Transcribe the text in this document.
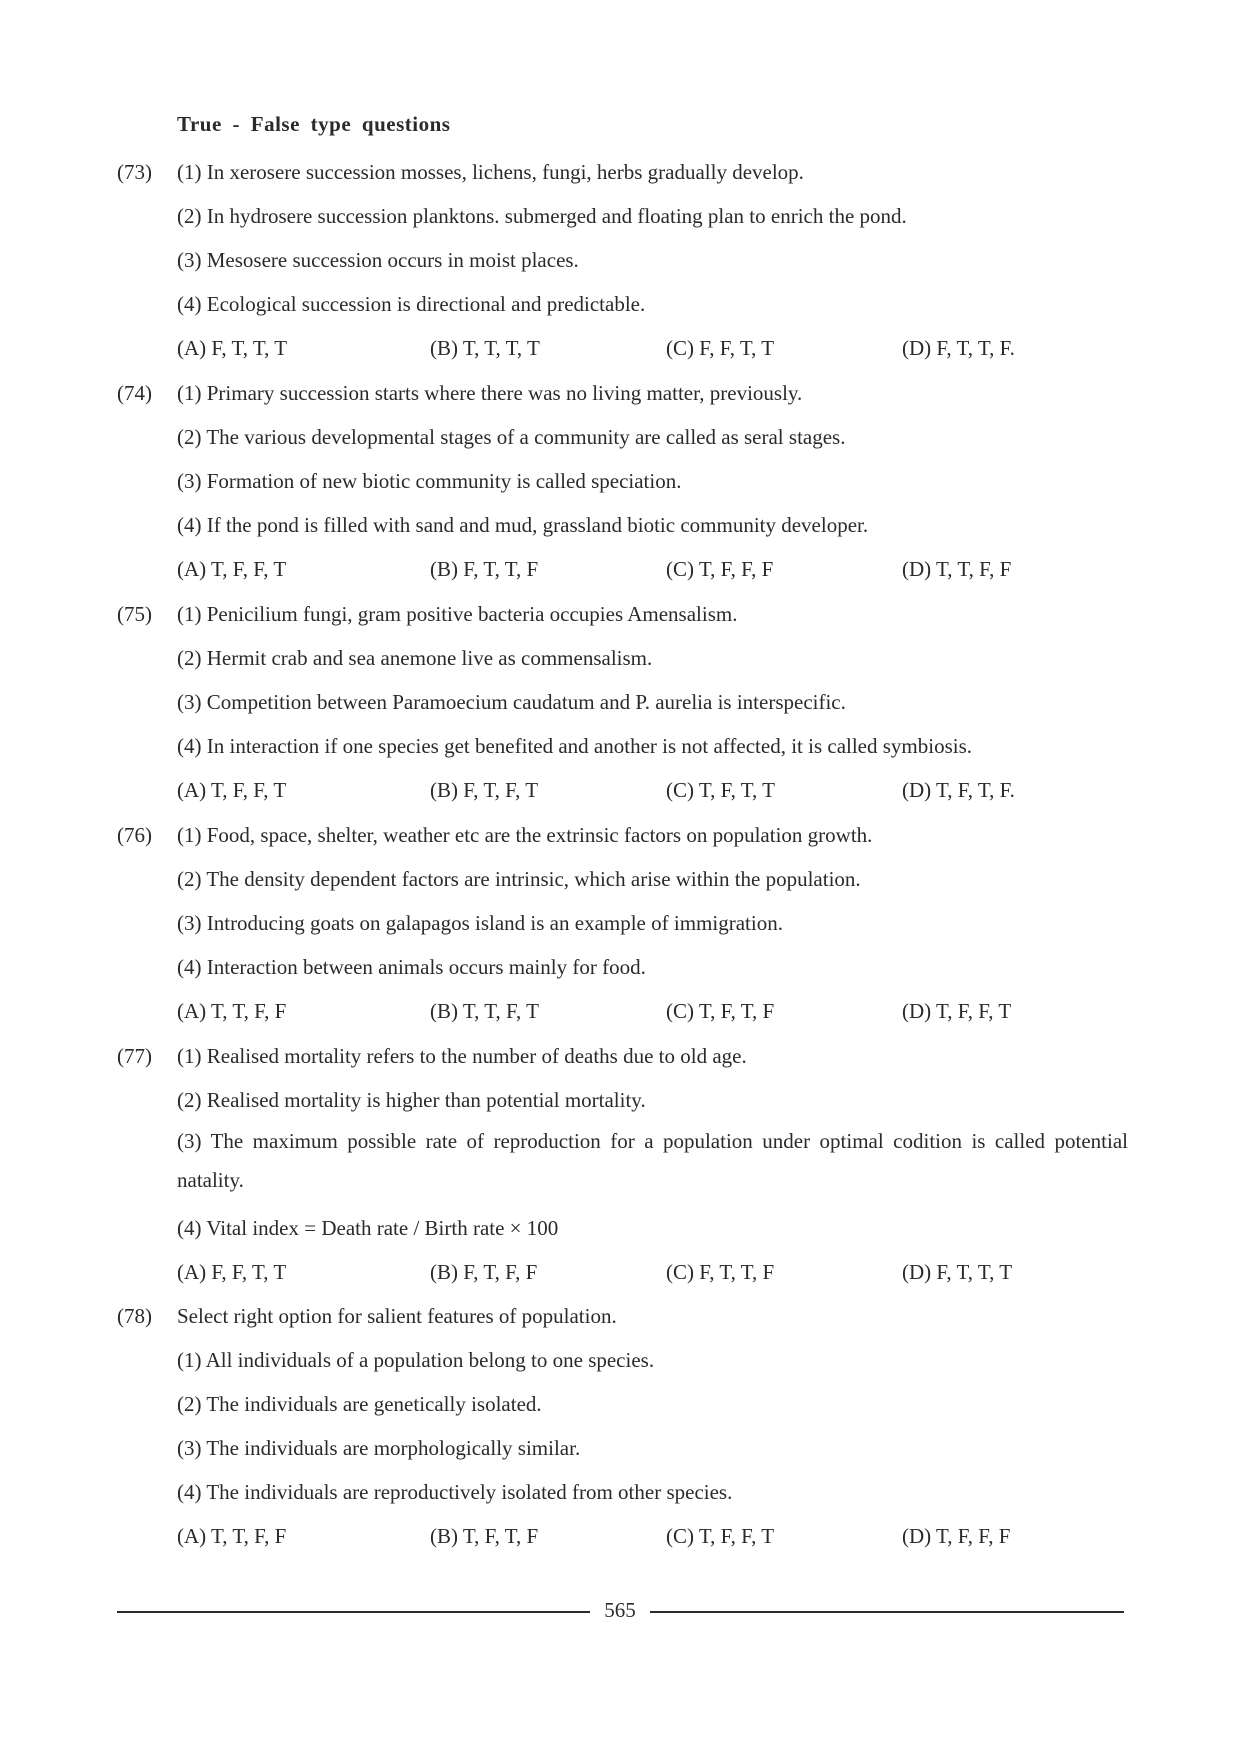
True - False type questions
(73) (1) In xerosere succession mosses, lichens, fungi, herbs gradually develop.
(2) In hydrosere succession planktons. submerged and floating plan to enrich the pond.
(3) Mesosere succession occurs in moist places.
(4) Ecological succession is directional and predictable.
(A) F, T, T, T	(B) T, T, T, T	(C) F, F, T, T	(D) F, T, T, F.
(74) (1) Primary succession starts where there was no living matter, previously.
(2) The various developmental stages of a community are called as seral stages.
(3) Formation of new biotic community is called speciation.
(4) If the pond is filled with sand and mud, grassland biotic community developer.
(A) T, F, F, T	(B) F, T, T, F	(C) T, F, F, F	(D) T, T, F, F
(75) (1) Penicilium fungi, gram positive bacteria occupies Amensalism.
(2) Hermit crab and sea anemone live as commensalism.
(3) Competition between Paramoecium caudatum and P. aurelia is interspecific.
(4) In interaction if one species get benefited and another is not affected, it is called symbiosis.
(A) T, F, F, T	(B) F, T, F, T	(C) T, F, T, T	(D) T, F, T, F.
(76) (1) Food, space, shelter, weather etc are the extrinsic factors on population growth.
(2) The density dependent factors are intrinsic, which arise within the population.
(3) Introducing goats on galapagos island is an example of immigration.
(4) Interaction between animals occurs mainly for food.
(A) T, T, F, F	(B) T, T, F, T	(C) T, F, T, F	(D) T, F, F, T
(77) (1) Realised mortality refers to the number of deaths due to old age.
(2) Realised mortality is higher than potential mortality.
(3) The maximum possible rate of reproduction for a population under optimal codition is called potential natality.
(4) Vital index = Death rate / Birth rate × 100
(A) F, F, T, T	(B) F, T, F, F	(C) F, T, T, F	(D) F, T, T, T
(78) Select right option for salient features of population.
(1) All individuals of a population belong to one species.
(2) The individuals are genetically isolated.
(3) The individuals are morphologically similar.
(4) The individuals are reproductively isolated from other species.
(A) T, T, F, F	(B) T, F, T, F	(C) T, F, F, T	(D) T, F, F, F
565
